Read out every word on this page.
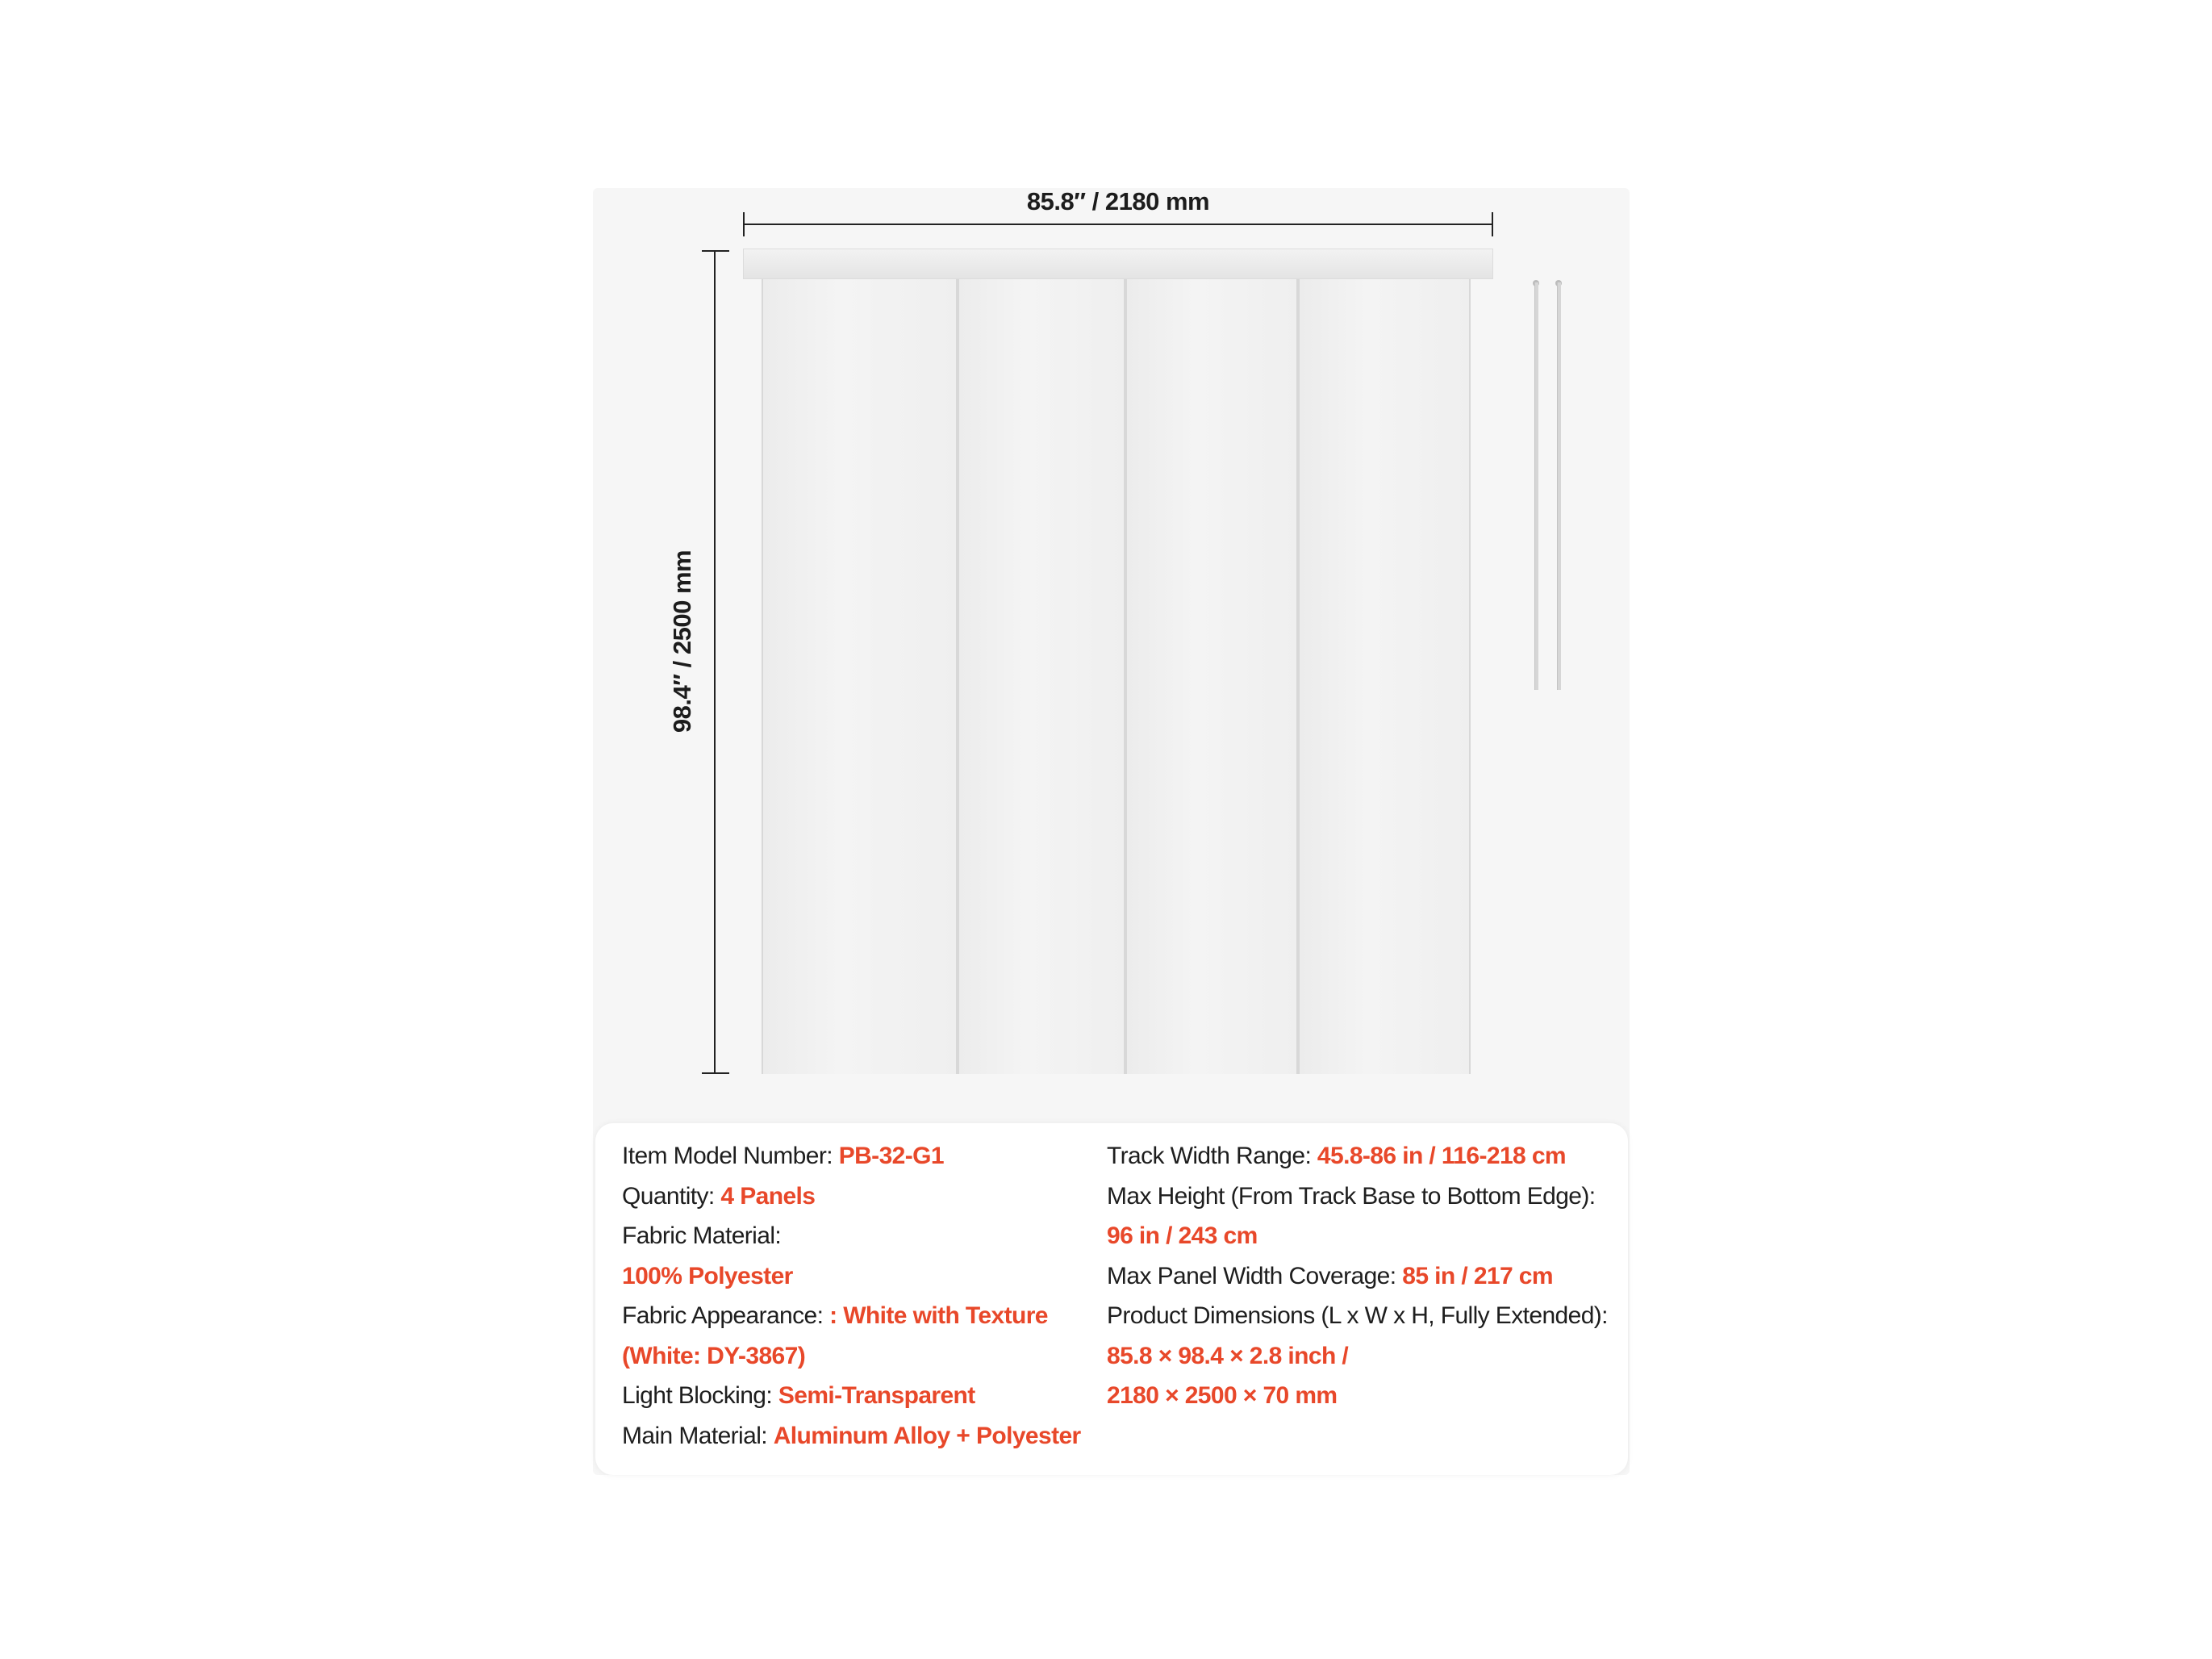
85.8″ / 2180 mm
98.4″ / 2500 mm
Item Model Number: PB-32-G1
Quantity: 4 Panels
Fabric Material:
100% Polyester
Fabric Appearance: : White with Texture
(White: DY-3867)
Light Blocking: Semi-Transparent
Main Material: Aluminum Alloy + Polyester
Track Width Range: 45.8-86 in / 116-218 cm
Max Height (From Track Base to Bottom Edge):
96 in / 243 cm
Max Panel Width Coverage: 85 in / 217 cm
Product Dimensions (L x W x H, Fully Extended):
85.8 × 98.4 × 2.8 inch /
2180 × 2500 × 70 mm
